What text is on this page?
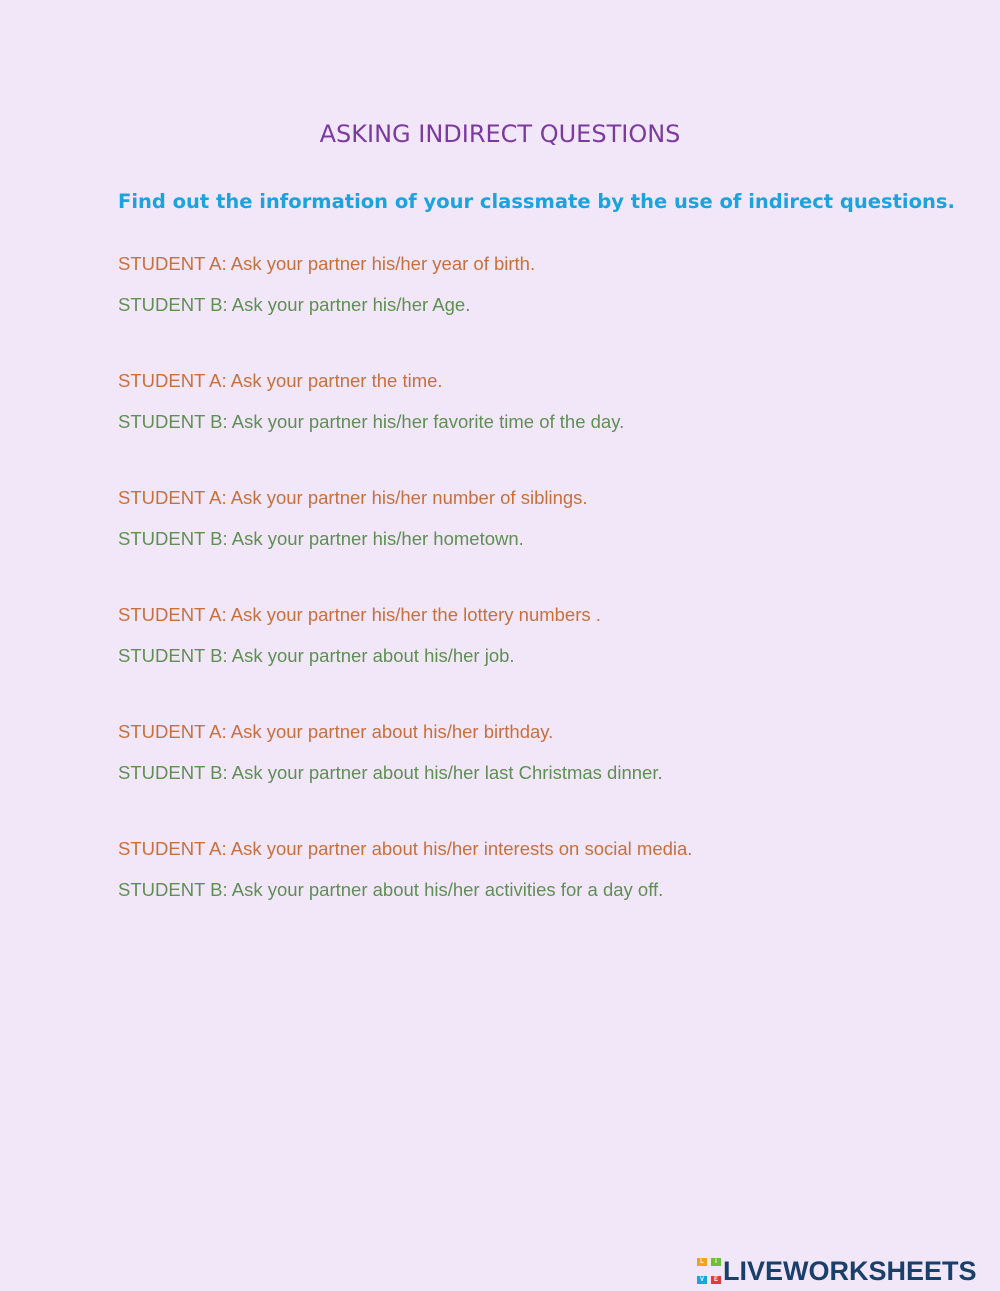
ASKING INDIRECT QUESTIONS
Find out the information of your classmate by the use of indirect questions.
STUDENT A: Ask your partner his/her year of birth.
STUDENT B: Ask your partner his/her Age.
STUDENT A: Ask your partner the time.
STUDENT B: Ask your partner his/her favorite time of the day.
STUDENT A: Ask your partner his/her number of siblings.
STUDENT B: Ask your partner his/her hometown.
STUDENT A: Ask your partner his/her the lottery numbers .
STUDENT B: Ask your partner about his/her job.
STUDENT A: Ask your partner about his/her birthday.
STUDENT B: Ask your partner about his/her last Christmas dinner.
STUDENT A: Ask your partner about his/her interests on social media.
STUDENT B: Ask your partner about his/her activities for a day off.
L	I
V	E LIVEWORKSHEETS
